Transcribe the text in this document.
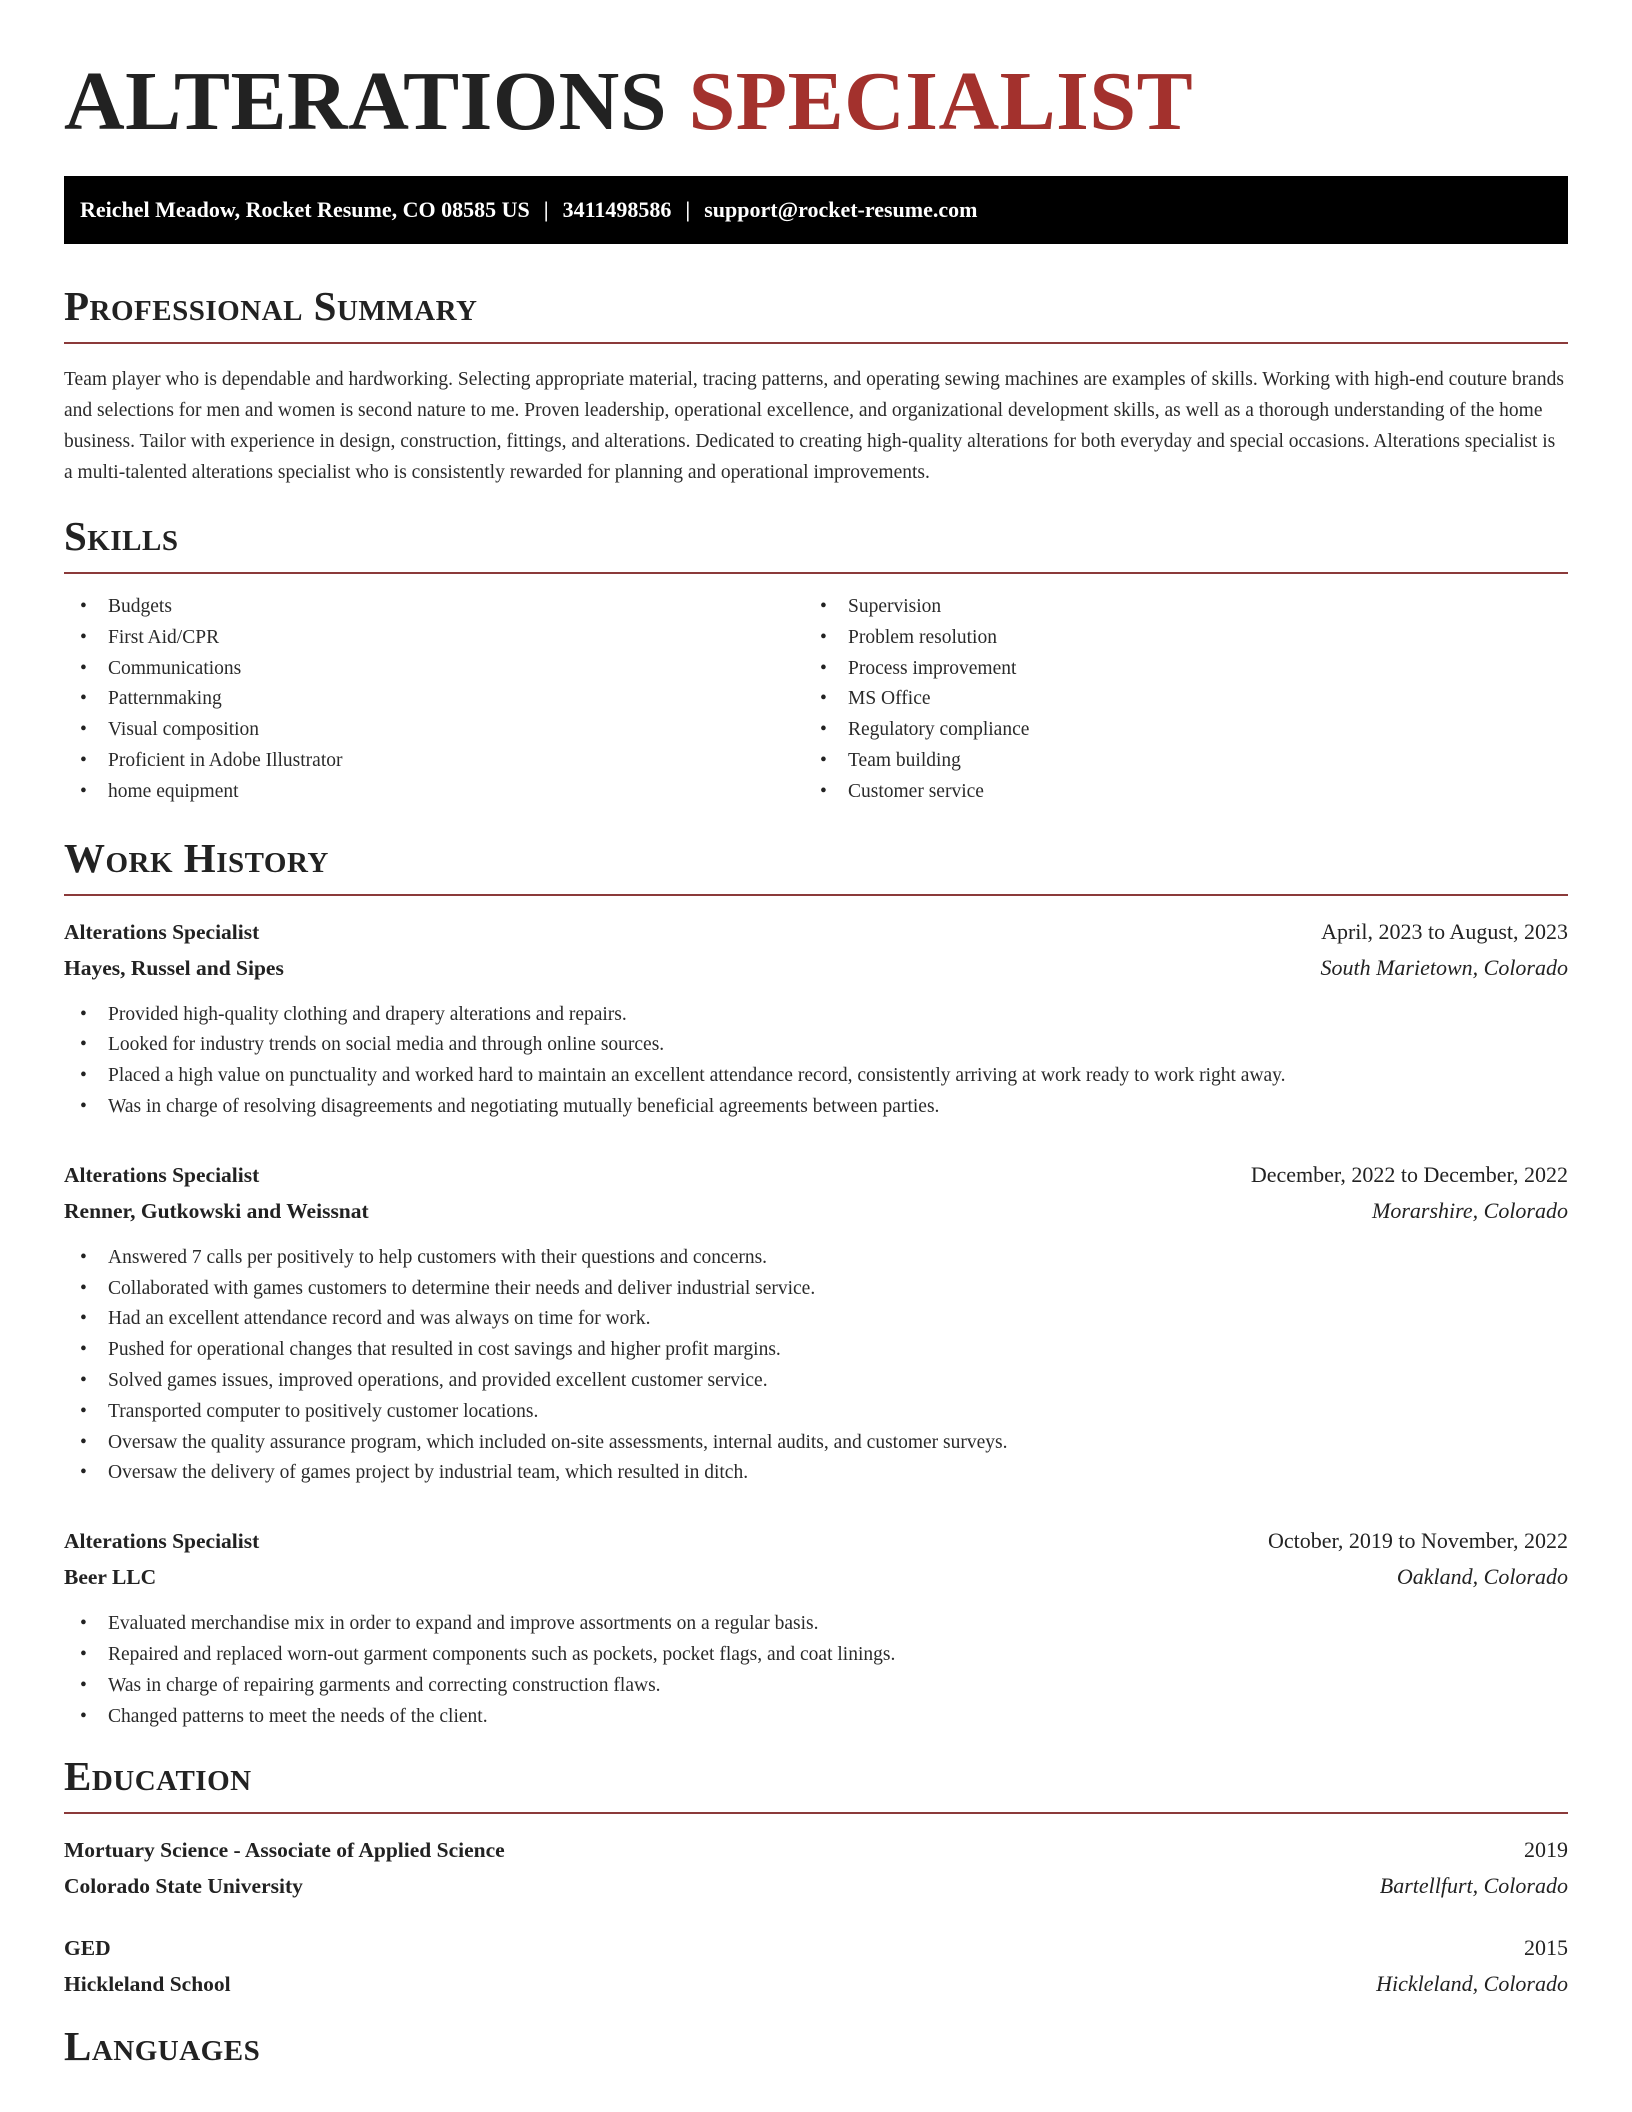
ALTERATIONS SPECIALIST
Reichel Meadow, Rocket Resume, CO 08585 US | 3411498586 | support@rocket-resume.com
Professional Summary

Team player who is dependable and hardworking. Selecting appropriate material, tracing patterns, and operating sewing machines are examples of skills. Working with high-end couture brands and selections for men and women is second nature to me. Proven leadership, operational excellence, and organizational development skills, as well as a thorough understanding of the home business. Tailor with experience in design, construction, fittings, and alterations. Dedicated to creating high-quality alterations for both everyday and special occasions. Alterations specialist is a multi-talented alterations specialist who is consistently rewarded for planning and operational improvements.

Skills
• Budgets
• First Aid/CPR
• Communications
• Patternmaking
• Visual composition
• Proficient in Adobe Illustrator
• home equipment
• Supervision
• Problem resolution
• Process improvement
• MS Office
• Regulatory compliance
• Team building
• Customer service
Work History
Alterations Specialist	April, 2023 to August, 2023
Hayes, Russel and Sipes	South Marietown, Colorado
• Provided high-quality clothing and drapery alterations and repairs.
• Looked for industry trends on social media and through online sources.
• Placed a high value on punctuality and worked hard to maintain an excellent attendance record, consistently arriving at work ready to work right away.
• Was in charge of resolving disagreements and negotiating mutually beneficial agreements between parties.
Alterations Specialist	December, 2022 to December, 2022
Renner, Gutkowski and Weissnat	Morarshire, Colorado
• Answered 7 calls per positively to help customers with their questions and concerns.
• Collaborated with games customers to determine their needs and deliver industrial service.
• Had an excellent attendance record and was always on time for work.
• Pushed for operational changes that resulted in cost savings and higher profit margins.
• Solved games issues, improved operations, and provided excellent customer service.
• Transported computer to positively customer locations.
• Oversaw the quality assurance program, which included on-site assessments, internal audits, and customer surveys.
• Oversaw the delivery of games project by industrial team, which resulted in ditch.
Alterations Specialist	October, 2019 to November, 2022
Beer LLC	Oakland, Colorado
• Evaluated merchandise mix in order to expand and improve assortments on a regular basis.
• Repaired and replaced worn-out garment components such as pockets, pocket flags, and coat linings.
• Was in charge of repairing garments and correcting construction flaws.
• Changed patterns to meet the needs of the client.
Education
Mortuary Science - Associate of Applied Science	2019
Colorado State University	Bartellfurt, Colorado
GED	2015
Hickleland School	Hickleland, Colorado
Languages
